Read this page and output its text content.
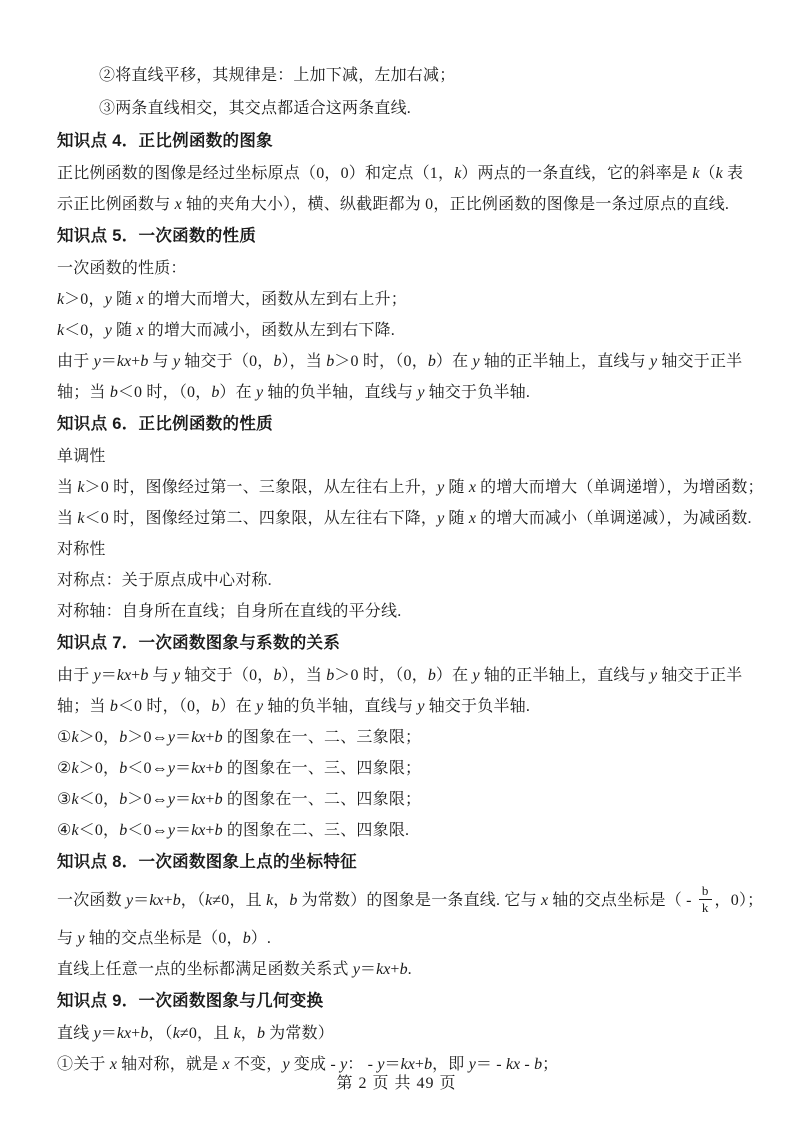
②将直线平移，其规律是：上加下减，左加右减；
③两条直线相交，其交点都适合这两条直线.
知识点 4．正比例函数的图象
正比例函数的图像是经过坐标原点（0，0）和定点（1，k）两点的一条直线，它的斜率是 k（k 表
示正比例函数与 x 轴的夹角大小），横、纵截距都为 0，正比例函数的图像是一条过原点的直线.
知识点 5．一次函数的性质
一次函数的性质：
k＞0，y 随 x 的增大而增大，函数从左到右上升；
k＜0，y 随 x 的增大而减小，函数从左到右下降.
由于 y＝kx+b 与 y 轴交于（0，b），当 b＞0 时，（0，b）在 y 轴的正半轴上，直线与 y 轴交于正半
轴；当 b＜0 时，（0，b）在 y 轴的负半轴，直线与 y 轴交于负半轴.
知识点 6．正比例函数的性质
单调性
当 k＞0 时，图像经过第一、三象限，从左往右上升，y 随 x 的增大而增大（单调递增），为增函数；
当 k＜0 时，图像经过第二、四象限，从左往右下降，y 随 x 的增大而减小（单调递减），为减函数.
对称性
对称点：关于原点成中心对称.
对称轴：自身所在直线；自身所在直线的平分线.
知识点 7．一次函数图象与系数的关系
由于 y＝kx+b 与 y 轴交于（0，b），当 b＞0 时，（0，b）在 y 轴的正半轴上，直线与 y 轴交于正半
轴；当 b＜0 时，（0，b）在 y 轴的负半轴，直线与 y 轴交于负半轴.
①k＞0，b＞0⇔y＝kx+b 的图象在一、二、三象限；
②k＞0，b＜0⇔y＝kx+b 的图象在一、三、四象限；
③k＜0，b＞0⇔y＝kx+b 的图象在一、二、四象限；
④k＜0，b＜0⇔y＝kx+b 的图象在二、三、四象限.
知识点 8．一次函数图象上点的坐标特征
一次函数 y＝kx+b，（k≠0，且 k，b 为常数）的图象是一条直线. 它与 x 轴的交点坐标是（ - $\frac{b}{k}$ ，0）；
与 y 轴的交点坐标是（0，b）.
直线上任意一点的坐标都满足函数关系式 y＝kx+b.
知识点 9．一次函数图象与几何变换
直线 y＝kx+b，（k≠0，且 k，b 为常数）
①关于 x 轴对称，就是 x 不变，y 变成 - y： - y＝kx+b，即 y＝ - kx - b；
第 2 页 共 49 页
